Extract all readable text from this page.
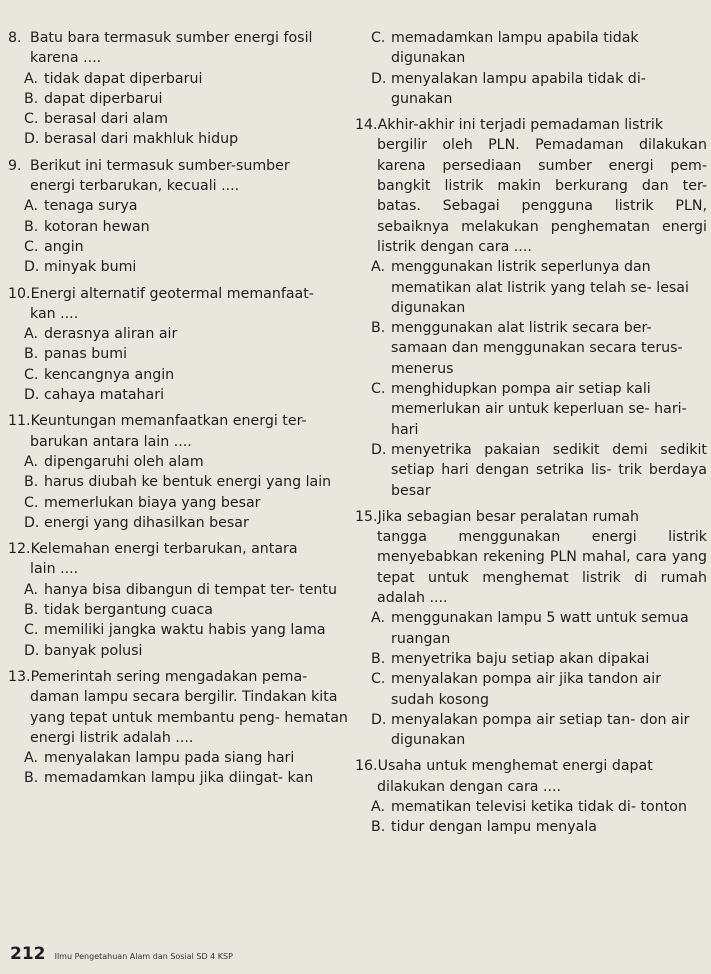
8. Batu bara termasuk sumber energi fosil

karena ....

A. tidak dapat diperbarui

B. dapat diperbarui

C. berasal dari alam

D. berasal dari makhluk hidup

9. Berikut ini termasuk sumber-sumber

energi terbarukan, kecuali ....

A. tenaga surya

B. kotoran hewan

C. angin

D. minyak bumi

10.Energi alternatif geotermal memanfaat-

kan ....

A. derasnya aliran air

B. panas bumi

C. kencangnya angin

D. cahaya matahari

11.Keuntungan memanfaatkan energi ter-

barukan antara lain ....

A. dipengaruhi oleh alam

B. harus diubah ke bentuk energi yang lain

C. memerlukan biaya yang besar

D. energi yang dihasilkan besar

12.Kelemahan energi terbarukan, antara

lain ....

A. hanya bisa dibangun di tempat ter- tentu

B. tidak bergantung cuaca

C. memiliki jangka waktu habis yang lama

D. banyak polusi

13.Pemerintah sering mengadakan pema-

daman lampu secara bergilir. Tindakan kita yang tepat untuk membantu peng- hematan energi listrik adalah ....

A. menyalakan lampu pada siang hari

B. memadamkan lampu jika diingat- kan

C. memadamkan lampu apabila tidak digunakan

D. menyalakan lampu apabila tidak di- gunakan

14.Akhir-akhir ini terjadi pemadaman listrik

bergilir oleh PLN. Pemadaman dilakukan karena persediaan sumber energi pem- bangkit listrik makin berkurang dan ter- batas. Sebagai pengguna listrik PLN, sebaiknya melakukan penghematan energi listrik dengan cara ....

A. menggunakan listrik seperlunya dan mematikan alat listrik yang telah se- lesai digunakan

B. menggunakan alat listrik secara ber- samaan dan menggunakan secara terus-menerus

C. menghidupkan pompa air setiap kali memerlukan air untuk keperluan se- hari-hari

D. menyetrika pakaian sedikit demi sedikit setiap hari dengan setrika lis- trik berdaya besar

15.Jika sebagian besar peralatan rumah

tangga menggunakan energi listrik menyebabkan rekening PLN mahal, cara yang tepat untuk menghemat listrik di rumah adalah ....

A. menggunakan lampu 5 watt untuk semua ruangan

B. menyetrika baju setiap akan dipakai

C. menyalakan pompa air jika tandon air sudah kosong

D. menyalakan pompa air setiap tan- don air digunakan

16.Usaha untuk menghemat energi dapat

dilakukan dengan cara ....

A. mematikan televisi ketika tidak di- tonton

B. tidur dengan lampu menyala

212 Ilmu Pengetahuan Alam dan Sosial SD 4 KSP
